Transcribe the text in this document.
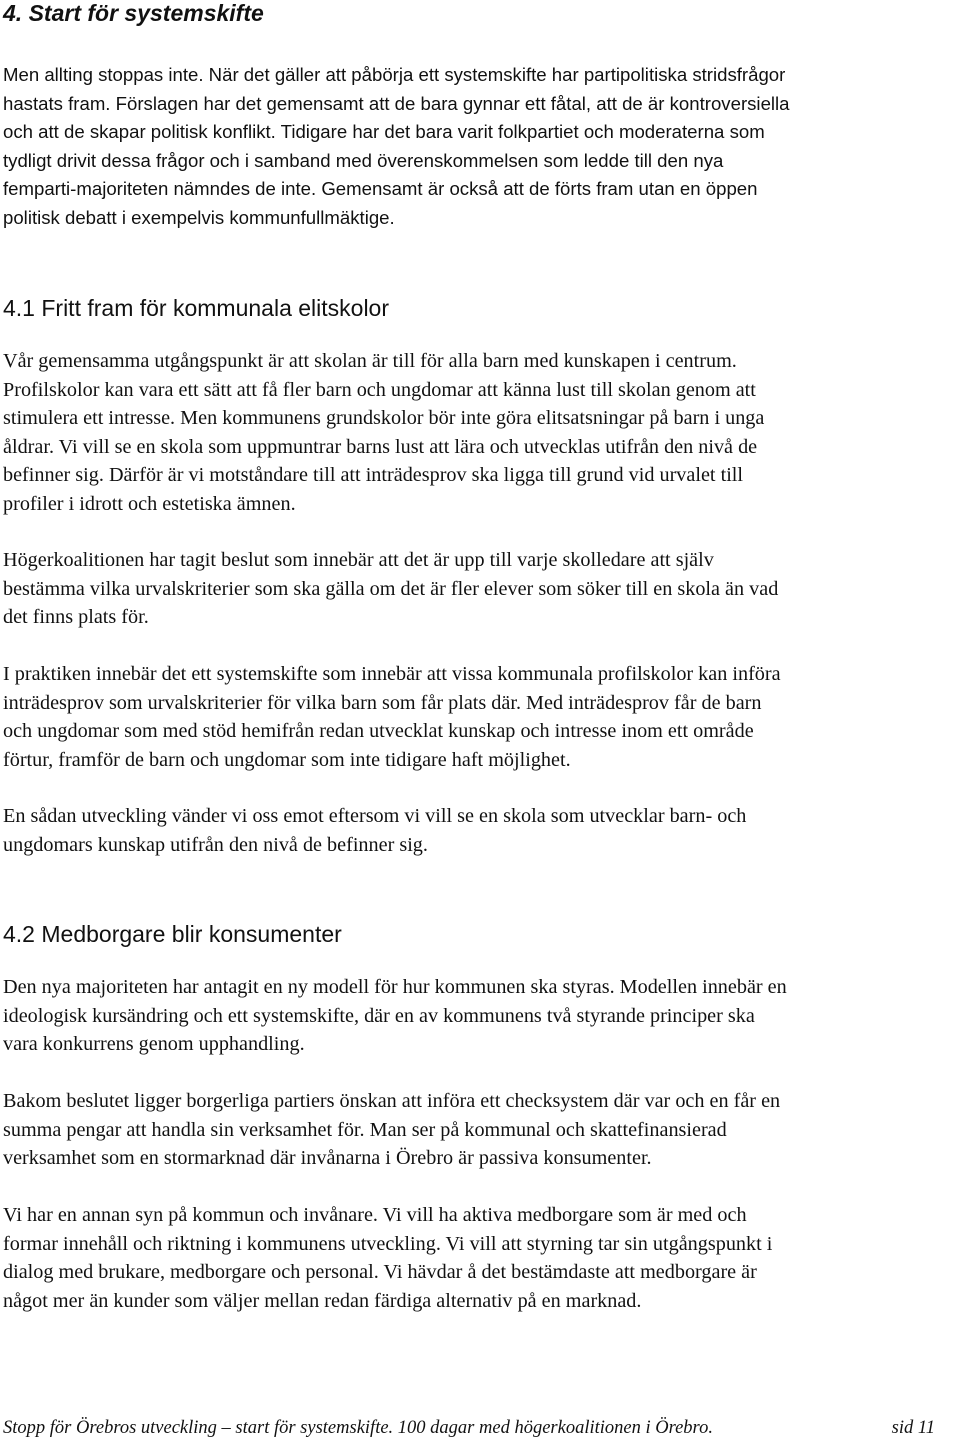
4. Start för systemskifte

Men allting stoppas inte. När det gäller att påbörja ett systemskifte har partipolitiska stridsfrågor
hastats fram. Förslagen har det gemensamt att de bara gynnar ett fåtal, att de är kontroversiella
och att de skapar politisk konflikt. Tidigare har det bara varit folkpartiet och moderaterna som
tydligt drivit dessa frågor och i samband med överenskommelsen som ledde till den nya
femparti-majoriteten nämndes de inte. Gemensamt är också att de förts fram utan en öppen
politisk debatt i exempelvis kommunfullmäktige.

4.1 Fritt fram för kommunala elitskolor

Vår gemensamma utgångspunkt är att skolan är till för alla barn med kunskapen i centrum.
Profilskolor kan vara ett sätt att få fler barn och ungdomar att känna lust till skolan genom att
stimulera ett intresse. Men kommunens grundskolor bör inte göra elitsatsningar på barn i unga
åldrar. Vi vill se en skola som uppmuntrar barns lust att lära och utvecklas utifrån den nivå de
befinner sig. Därför är vi motståndare till att inträdesprov ska ligga till grund vid urvalet till
profiler i idrott och estetiska ämnen.

Högerkoalitionen har tagit beslut som innebär att det är upp till varje skolledare att själv
bestämma vilka urvalskriterier som ska gälla om det är fler elever som söker till en skola än vad
det finns plats för.

I praktiken innebär det ett systemskifte som innebär att vissa kommunala profilskolor kan införa
inträdesprov som urvalskriterier för vilka barn som får plats där. Med inträdesprov får de barn
och ungdomar som med stöd hemifrån redan utvecklat kunskap och intresse inom ett område
förtur, framför de barn och ungdomar som inte tidigare haft möjlighet.

En sådan utveckling vänder vi oss emot eftersom vi vill se en skola som utvecklar barn- och
ungdomars kunskap utifrån den nivå de befinner sig.

4.2 Medborgare blir konsumenter

Den nya majoriteten har antagit en ny modell för hur kommunen ska styras. Modellen innebär en
ideologisk kursändring och ett systemskifte, där en av kommunens två styrande principer ska
vara konkurrens genom upphandling.

Bakom beslutet ligger borgerliga partiers önskan att införa ett checksystem där var och en får en
summa pengar att handla sin verksamhet för. Man ser på kommunal och skattefinansierad
verksamhet som en stormarknad där invånarna i Örebro är passiva konsumenter.

Vi har en annan syn på kommun och invånare. Vi vill ha aktiva medborgare som är med och
formar innehåll och riktning i kommunens utveckling. Vi vill att styrning tar sin utgångspunkt i
dialog med brukare, medborgare och personal. Vi hävdar å det bestämdaste att medborgare är
något mer än kunder som väljer mellan redan färdiga alternativ på en marknad.

Stopp för Örebros utveckling – start för systemskifte. 100 dagar med högerkoalitionen i Örebro.	sid 11
